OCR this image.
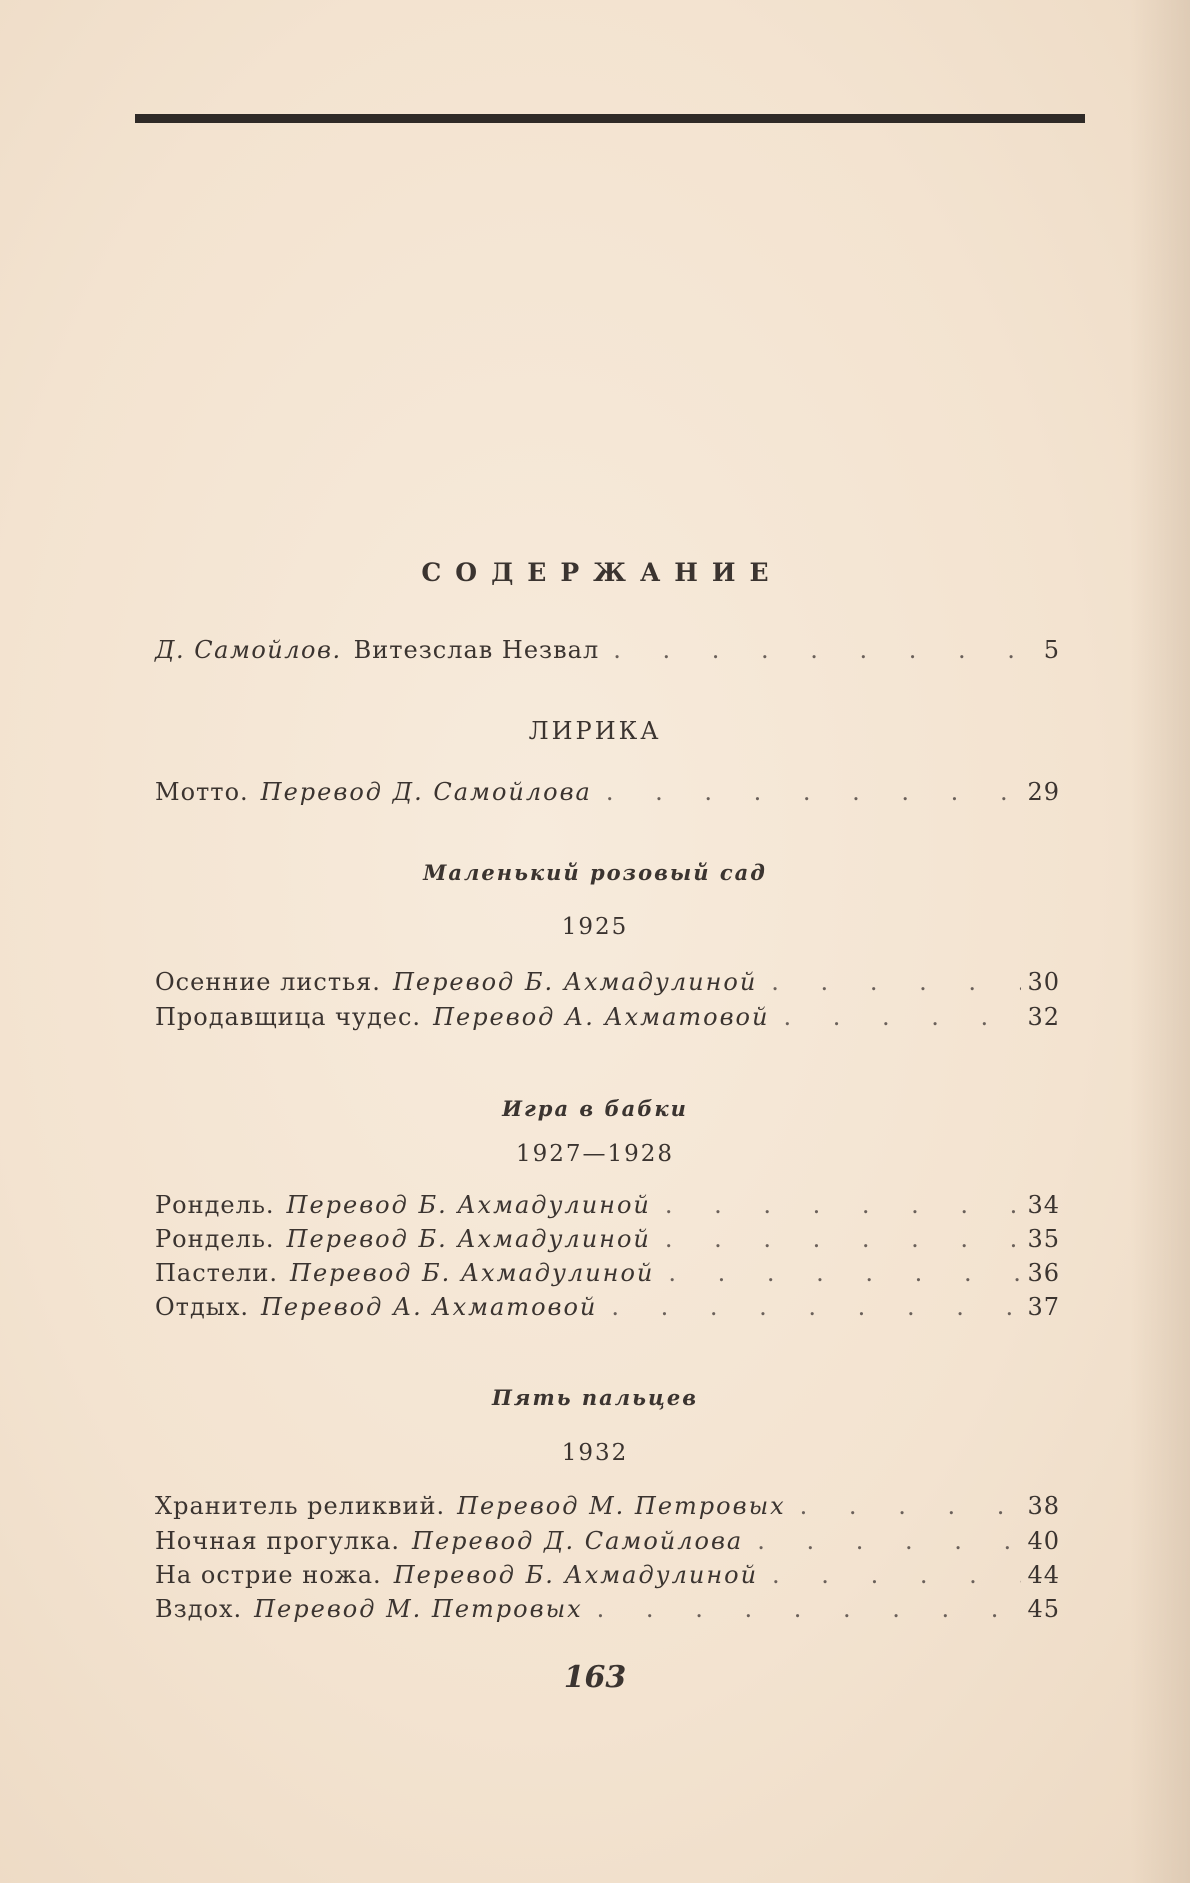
СОДЕРЖАНИЕ
Д. Самойлов. Витезслав Незвал . . .	5
ЛИРИКА
Мотто. Перевод Д. Самойлова . . .	29
Маленький розовый сад
1925
Осенние листья. Перевод Б. Ахмадулиной . . .	30
Продавщица чудес. Перевод А. Ахматовой . . .	32
Игра в бабки
1927—1928
Рондель. Перевод Б. Ахмадулиной . . .	34
Рондель. Перевод Б. Ахмадулиной . . .	35
Пастели. Перевод Б. Ахмадулиной . . .	36
Отдых. Перевод А. Ахматовой . . .	37
Пять пальцев
1932
Хранитель реликвий. Перевод М. Петровых . . .	38
Ночная прогулка. Перевод Д. Самойлова . . .	40
На острие ножа. Перевод Б. Ахмадулиной . . .	44
Вздох. Перевод М. Петровых . . .	45
163
